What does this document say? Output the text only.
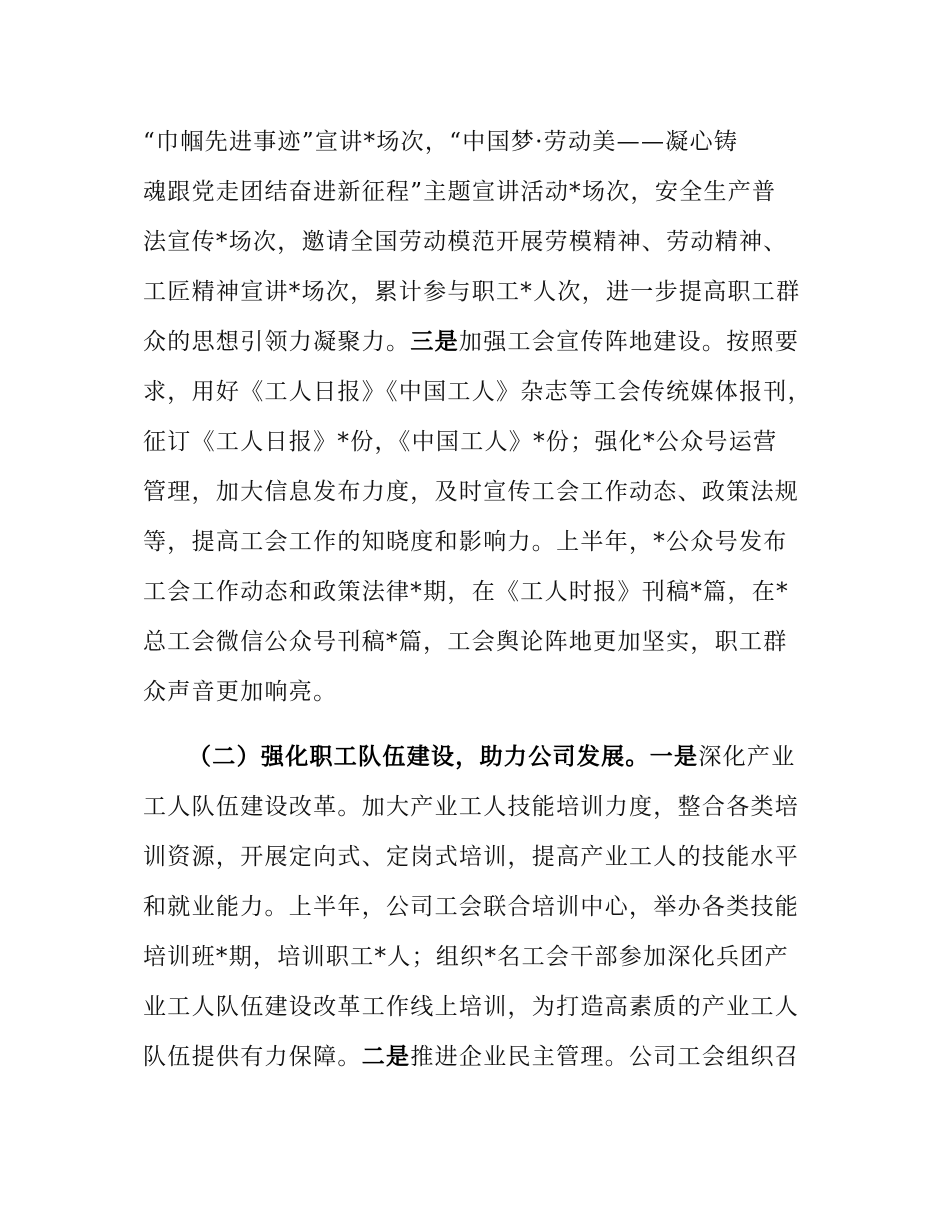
“巾帼先进事迹”宣讲*场次，“中国梦·劳动美——凝心铸
魂跟党走团结奋进新征程”主题宣讲活动*场次，安全生产普
法宣传*场次，邀请全国劳动模范开展劳模精神、劳动精神、
工匠精神宣讲*场次，累计参与职工*人次，进一步提高职工群
众的思想引领力凝聚力。三是加强工会宣传阵地建设。按照要
求，用好《工人日报》《中国工人》杂志等工会传统媒体报刊，
征订《工人日报》*份，《中国工人》*份；强化*公众号运营
管理，加大信息发布力度，及时宣传工会工作动态、政策法规
等，提高工会工作的知晓度和影响力。上半年，*公众号发布
工会工作动态和政策法律*期，在《工人时报》刊稿*篇，在*
总工会微信公众号刊稿*篇，工会舆论阵地更加坚实，职工群
众声音更加响亮。
（二）强化职工队伍建设，助力公司发展。一是深化产业
工人队伍建设改革。加大产业工人技能培训力度，整合各类培
训资源，开展定向式、定岗式培训，提高产业工人的技能水平
和就业能力。上半年，公司工会联合培训中心，举办各类技能
培训班*期，培训职工*人；组织*名工会干部参加深化兵团产
业工人队伍建设改革工作线上培训，为打造高素质的产业工人
队伍提供有力保障。二是推进企业民主管理。公司工会组织召
